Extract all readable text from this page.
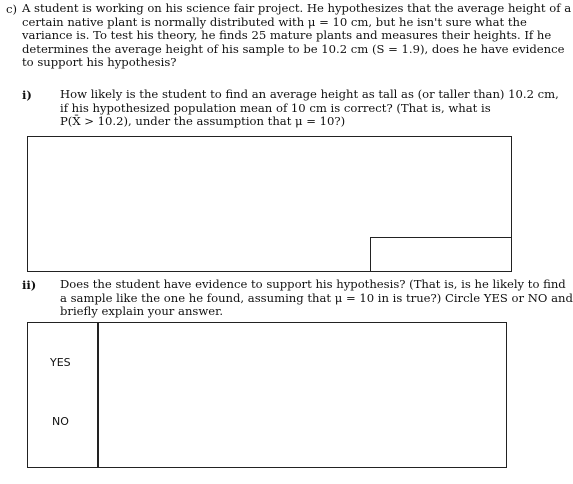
c) A student is working on his science fair project. He hypothesizes that the average height of a
certain native plant is normally distributed with μ = 10 cm, but he isn't sure what the
variance is. To test his theory, he finds 25 mature plants and measures their heights. If he
determines the average height of his sample to be 10.2 cm (S = 1.9), does he have evidence
to support his hypothesis?
i) How likely is the student to find an average height as tall as (or taller than) 10.2 cm,
if his hypothesized population mean of 10 cm is correct? (That is, what is
P(X̄ > 10.2), under the assumption that μ = 10?)
ii) Does the student have evidence to support his hypothesis? (That is, is he likely to find
a sample like the one he found, assuming that μ = 10 in is true?) Circle YES or NO and
briefly explain your answer.
YES
NO
